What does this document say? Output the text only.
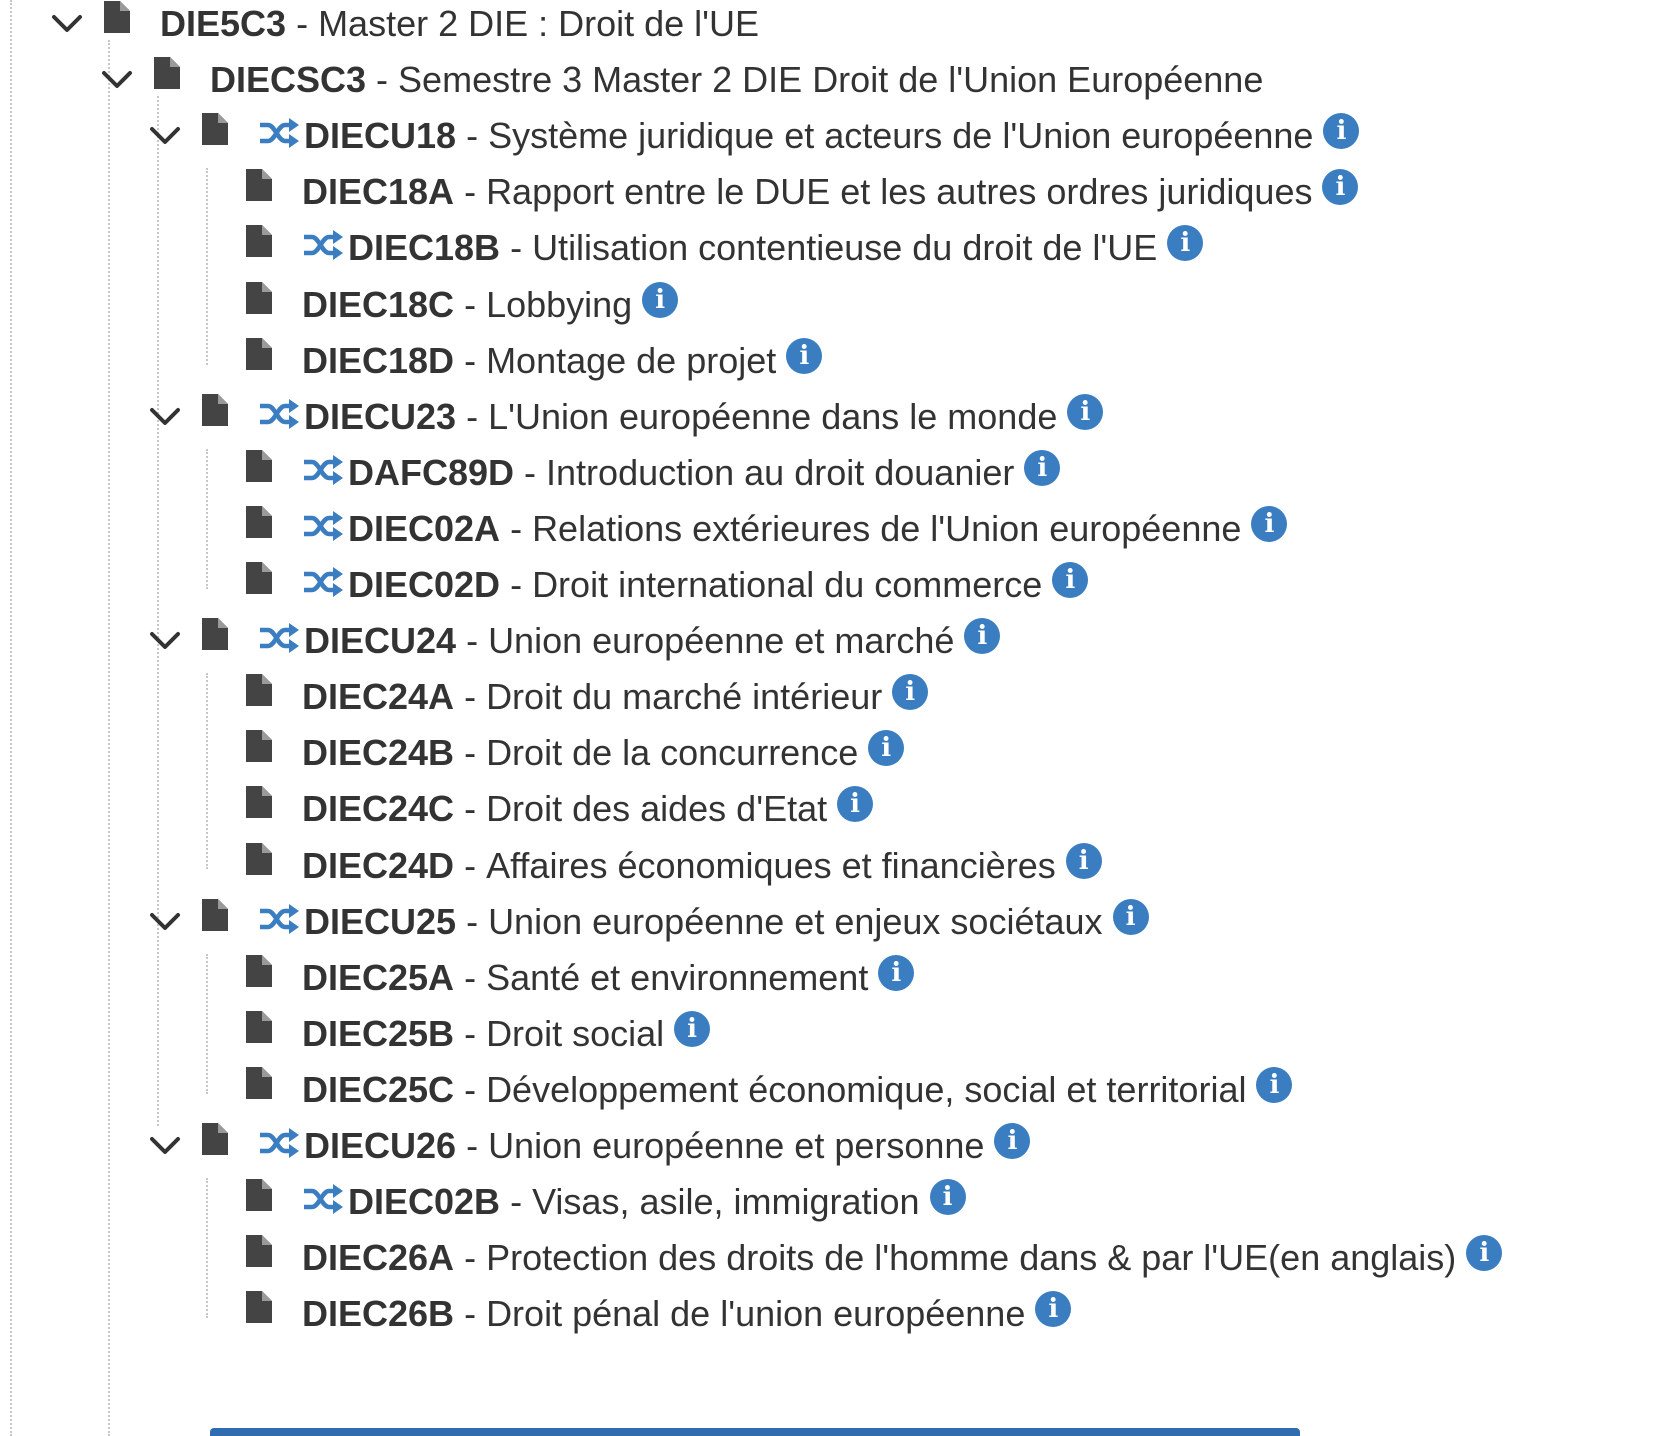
DIE5C3 - Master 2 DIE : Droit de l'UE
DIECSC3 - Semestre 3 Master 2 DIE Droit de l'Union Européenne
DIECU18 - Système juridique et acteurs de l'Union européenne i
DIEC18A - Rapport entre le DUE et les autres ordres juridiques i
DIEC18B - Utilisation contentieuse du droit de l'UE i
DIEC18C - Lobbying i
DIEC18D - Montage de projet i
DIECU23 - L'Union européenne dans le monde i
DAFC89D - Introduction au droit douanier i
DIEC02A - Relations extérieures de l'Union européenne i
DIEC02D - Droit international du commerce i
DIECU24 - Union européenne et marché i
DIEC24A - Droit du marché intérieur i
DIEC24B - Droit de la concurrence i
DIEC24C - Droit des aides d'Etat i
DIEC24D - Affaires économiques et financières i
DIECU25 - Union européenne et enjeux sociétaux i
DIEC25A - Santé et environnement i
DIEC25B - Droit social i
DIEC25C - Développement économique, social et territorial i
DIECU26 - Union européenne et personne i
DIEC02B - Visas, asile, immigration i
DIEC26A - Protection des droits de l'homme dans & par l'UE(en anglais) i
DIEC26B - Droit pénal de l'union européenne i
